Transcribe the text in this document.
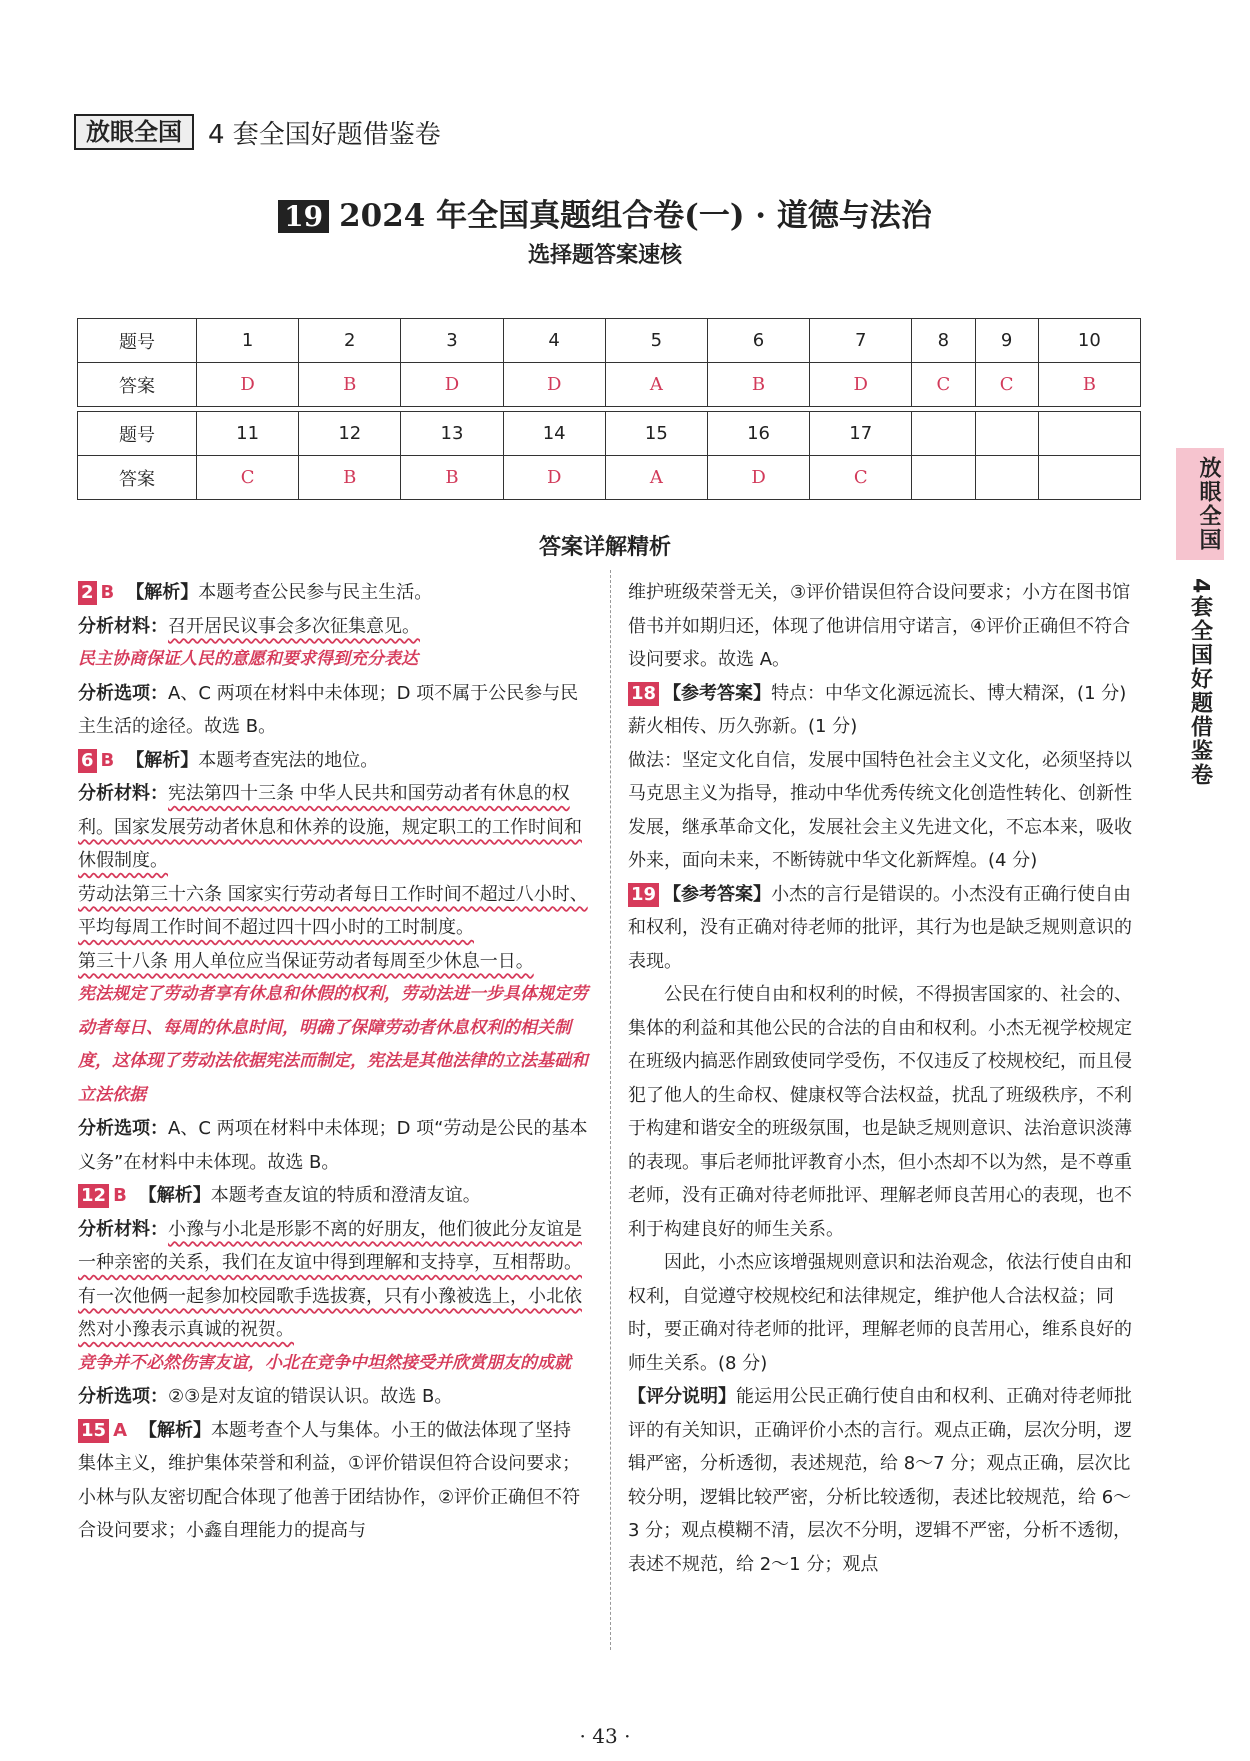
放眼全国	4 套全国好题借鉴卷
19 2024 年全国真题组合卷(一) · 道德与法治
选择题答案速核
题号	1	2	3	4	5	6	7	8	9	10
答案	D	B	D	D	A	B	D	C	C	B

题号	11	12	13	14	15	16	17			
答案	C	B	B	D	A	D	C			
答案详解精析

2 B 【解析】本题考查公民参与民主生活。

分析材料：召开居民议事会多次征集意见。

民主协商保证人民的意愿和要求得到充分表达

分析选项：A、C 两项在材料中未体现；D 项不属于公民参与民主生活的途径。故选 B。

6 B 【解析】本题考查宪法的地位。

分析材料：宪法第四十三条 中华人民共和国劳动者有休息的权利。国家发展劳动者休息和休养的设施，规定职工的工作时间和休假制度。

劳动法第三十六条 国家实行劳动者每日工作时间不超过八小时、平均每周工作时间不超过四十四小时的工时制度。

第三十八条 用人单位应当保证劳动者每周至少休息一日。

宪法规定了劳动者享有休息和休假的权利，劳动法进一步具体规定劳动者每日、每周的休息时间，明确了保障劳动者休息权利的相关制度，这体现了劳动法依据宪法而制定，宪法是其他法律的立法基础和立法依据

分析选项：A、C 两项在材料中未体现；D 项“劳动是公民的基本义务”在材料中未体现。故选 B。

12 B 【解析】本题考查友谊的特质和澄清友谊。

分析材料：小豫与小北是形影不离的好朋友，他们彼此分友谊是一种亲密的关系，我们在友谊中得到理解和支持享，互相帮助。有一次他俩一起参加校园歌手选拔赛，只有小豫被选上，小北依然对小豫表示真诚的祝贺。

竞争并不必然伤害友谊，小北在竞争中坦然接受并欣赏朋友的成就

分析选项：②③是对友谊的错误认识。故选 B。

15 A 【解析】本题考查个人与集体。小王的做法体现了坚持集体主义，维护集体荣誉和利益，①评价错误但符合设问要求；小林与队友密切配合体现了他善于团结协作，②评价正确但不符合设问要求；小鑫自理能力的提高与

维护班级荣誉无关，③评价错误但符合设问要求；小方在图书馆借书并如期归还，体现了他讲信用守诺言，④评价正确但不符合设问要求。故选 A。

18 【参考答案】特点：中华文化源远流长、博大精深，(1 分)薪火相传、历久弥新。(1 分)

做法：坚定文化自信，发展中国特色社会主义文化，必须坚持以马克思主义为指导，推动中华优秀传统文化创造性转化、创新性发展，继承革命文化，发展社会主义先进文化，不忘本来，吸收外来，面向未来，不断铸就中华文化新辉煌。(4 分)

19 【参考答案】小杰的言行是错误的。小杰没有正确行使自由和权利，没有正确对待老师的批评，其行为也是缺乏规则意识的表现。

公民在行使自由和权利的时候，不得损害国家的、社会的、集体的利益和其他公民的合法的自由和权利。小杰无视学校规定在班级内搞恶作剧致使同学受伤，不仅违反了校规校纪，而且侵犯了他人的生命权、健康权等合法权益，扰乱了班级秩序，不利于构建和谐安全的班级氛围，也是缺乏规则意识、法治意识淡薄的表现。事后老师批评教育小杰，但小杰却不以为然，是不尊重老师，没有正确对待老师批评、理解老师良苦用心的表现，也不利于构建良好的师生关系。

因此，小杰应该增强规则意识和法治观念，依法行使自由和权利，自觉遵守校规校纪和法律规定，维护他人合法权益；同时，要正确对待老师的批评，理解老师的良苦用心，维系良好的师生关系。(8 分)

【评分说明】能运用公民正确行使自由和权利、正确对待老师批评的有关知识，正确评价小杰的言行。观点正确，层次分明，逻辑严密，分析透彻，表述规范，给 8～7 分；观点正确，层次比较分明，逻辑比较严密，分析比较透彻，表述比较规范，给 6～3 分；观点模糊不清，层次不分明，逻辑不严密，分析不透彻，表述不规范，给 2～1 分；观点

放眼全国
4套全国好题借鉴卷
· 43 ·
